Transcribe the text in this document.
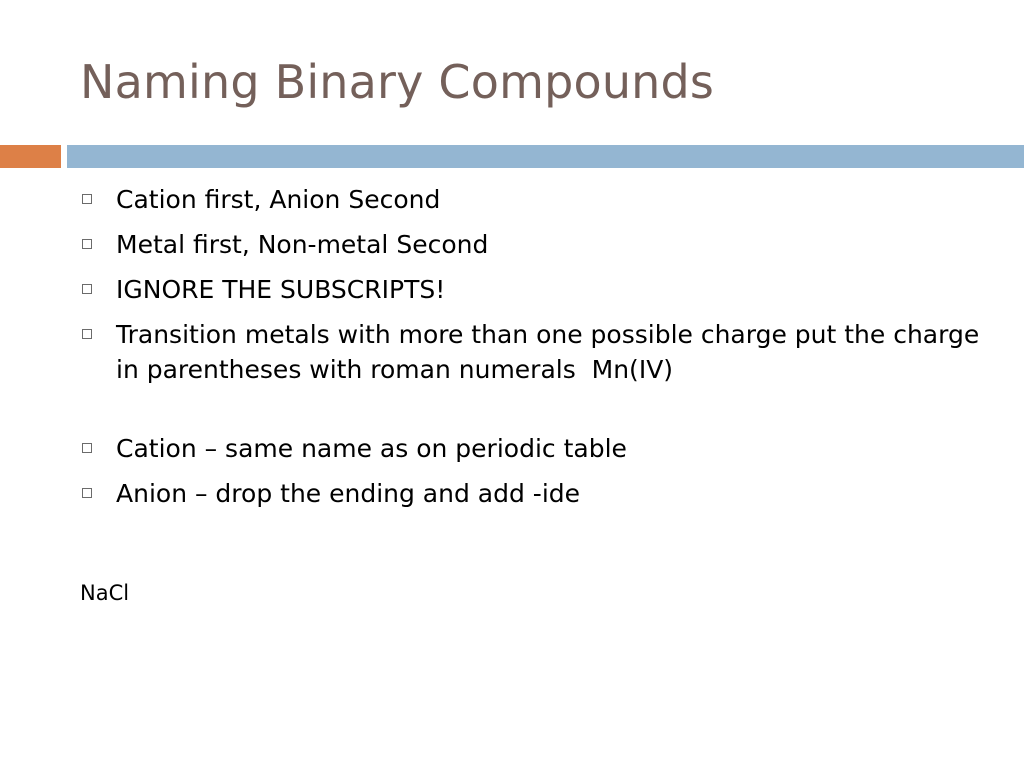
Naming Binary Compounds
Cation first, Anion Second
Metal first, Non-metal Second
IGNORE THE SUBSCRIPTS!
Transition metals with more than one possible charge put the charge in parentheses with roman numerals  Mn(IV)
Cation – same name as on periodic table
Anion – drop the ending and add -ide
NaCl
